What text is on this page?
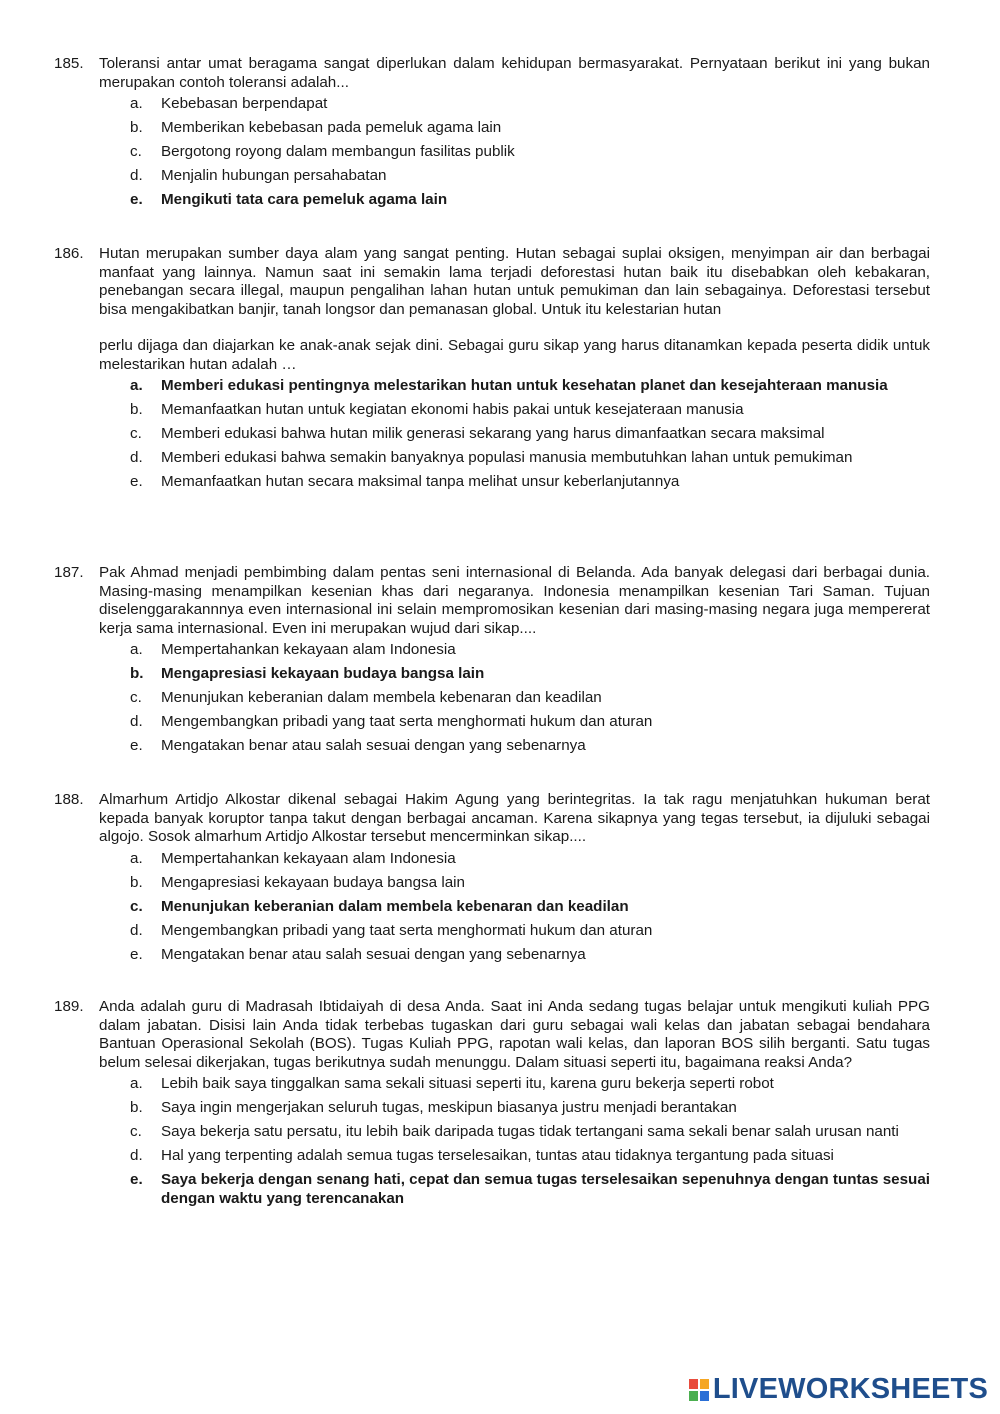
185.	Toleransi antar umat beragama sangat diperlukan dalam kehidupan bermasyarakat. Pernyataan berikut ini yang bukan merupakan contoh toleransi adalah...

a.	Kebebasan berpendapat
b.	Memberikan kebebasan pada pemeluk agama lain
c.	Bergotong royong dalam membangun fasilitas publik
d.	Menjalin hubungan persahabatan
e.	Mengikuti tata cara pemeluk agama lain
186.	Hutan merupakan sumber daya alam yang sangat penting. Hutan sebagai suplai oksigen, menyimpan air dan berbagai manfaat yang lainnya. Namun saat ini semakin lama terjadi deforestasi hutan baik itu disebabkan oleh kebakaran, penebangan secara illegal, maupun pengalihan lahan hutan untuk pemukiman dan lain sebagainya. Deforestasi tersebut bisa mengakibatkan banjir, tanah longsor dan pemanasan global. Untuk itu kelestarian hutan

perlu dijaga dan diajarkan ke anak-anak sejak dini. Sebagai guru sikap yang harus ditanamkan kepada peserta didik untuk melestarikan hutan adalah …

a.	Memberi edukasi pentingnya melestarikan hutan untuk kesehatan planet dan kesejahteraan manusia
b.	Memanfaatkan hutan untuk kegiatan ekonomi habis pakai untuk kesejateraan manusia
c.	Memberi edukasi bahwa hutan milik generasi sekarang yang harus dimanfaatkan secara maksimal
d.	Memberi edukasi bahwa semakin banyaknya populasi manusia membutuhkan lahan untuk pemukiman
e.	Memanfaatkan hutan secara maksimal tanpa melihat unsur keberlanjutannya
187.	Pak Ahmad menjadi pembimbing dalam pentas seni internasional di Belanda. Ada banyak delegasi dari berbagai dunia. Masing-masing menampilkan kesenian khas dari negaranya. Indonesia menampilkan kesenian Tari Saman. Tujuan diselenggarakannnya even internasional ini selain mempromosikan kesenian dari masing-masing negara juga mempererat kerja sama internasional. Even ini merupakan wujud dari sikap....

a.	Mempertahankan kekayaan alam Indonesia
b.	Mengapresiasi kekayaan budaya bangsa lain
c.	Menunjukan keberanian dalam membela kebenaran dan keadilan
d.	Mengembangkan pribadi yang taat serta menghormati hukum dan aturan
e.	Mengatakan benar atau salah sesuai dengan yang sebenarnya
188.	Almarhum Artidjo Alkostar dikenal sebagai Hakim Agung yang berintegritas. Ia tak ragu menjatuhkan hukuman berat kepada banyak koruptor tanpa takut dengan berbagai ancaman. Karena sikapnya yang tegas tersebut, ia dijuluki sebagai algojo. Sosok almarhum Artidjo Alkostar tersebut mencerminkan sikap....

a.	Mempertahankan kekayaan alam Indonesia
b.	Mengapresiasi kekayaan budaya bangsa lain
c.	Menunjukan keberanian dalam membela kebenaran dan keadilan
d.	Mengembangkan pribadi yang taat serta menghormati hukum dan aturan
e.	Mengatakan benar atau salah sesuai dengan yang sebenarnya
189.	Anda adalah guru di Madrasah Ibtidaiyah di desa Anda. Saat ini Anda sedang tugas belajar untuk mengikuti kuliah PPG dalam jabatan. Disisi lain Anda tidak terbebas tugaskan dari guru sebagai wali kelas dan jabatan sebagai bendahara Bantuan Operasional Sekolah (BOS). Tugas Kuliah PPG, rapotan wali kelas, dan laporan BOS silih berganti. Satu tugas belum selesai dikerjakan, tugas berikutnya sudah menunggu. Dalam situasi seperti itu, bagaimana reaksi Anda?

a.	Lebih baik saya tinggalkan sama sekali situasi seperti itu, karena guru bekerja seperti robot
b.	Saya ingin mengerjakan seluruh tugas, meskipun biasanya justru menjadi berantakan
c.	Saya bekerja satu persatu, itu lebih baik daripada tugas tidak tertangani sama sekali benar salah urusan nanti
d.	Hal yang terpenting adalah semua tugas terselesaikan, tuntas atau tidaknya tergantung pada situasi
e.	Saya bekerja dengan senang hati, cepat dan semua tugas terselesaikan sepenuhnya dengan tuntas sesuai dengan waktu yang terencanakan
LIVEWORKSHEETS
